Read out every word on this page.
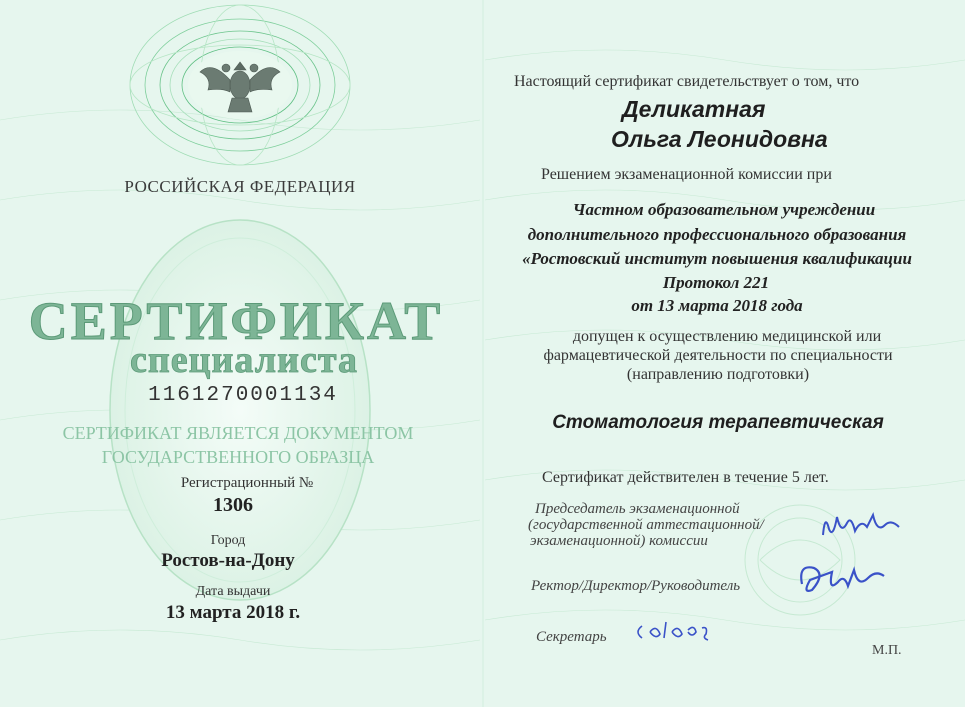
РОССИЙСКАЯ ФЕДЕРАЦИЯ
СЕРТИФИКАТ
специалиста
1161270001134
СЕРТИФИКАТ ЯВЛЯЕТСЯ ДОКУМЕНТОМ
ГОСУДАРСТВЕННОГО ОБРАЗЦА
Регистрационный №
1306
Город
Ростов-на-Дону
Дата выдачи
13 марта 2018 г.
Настоящий сертификат свидетельствует о том, что
Деликатная
Ольга Леонидовна
Решением экзаменационной комиссии при
Частном образовательном учреждении
дополнительного профессионального образования
«Ростовский институт повышения квалификации
Протокол 221
от 13 марта 2018 года
допущен к осуществлению медицинской или
фармацевтической деятельности по специальности
(направлению подготовки)
Стоматология терапевтическая
Сертификат действителен в течение 5 лет.
Председатель экзаменационной
(государственной аттестационной/
экзаменационной) комиссии
Ректор/Директор/Руководитель
Секретарь
М.П.
